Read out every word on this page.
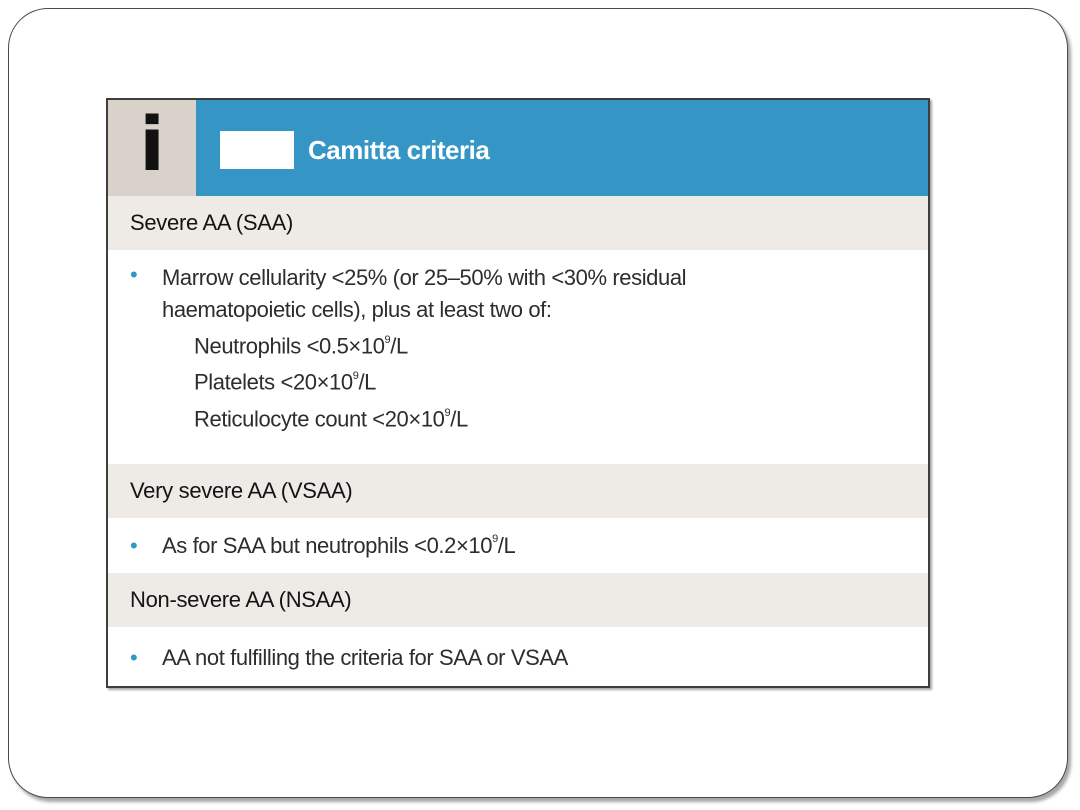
i	Camitta criteria
Severe AA (SAA)
•	Marrow cellularity <25% (or 25–50% with <30% residual
haematopoietic cells), plus at least two of:
Neutrophils $<0.5\times 10^9/L$
Platelets $<20\times 10^9/L$
Reticulocyte count $<20\times 10^9/L$
Very severe AA (VSAA)
•	As for SAA but neutrophils $<0.2\times 10^9/L$
Non-severe AA (NSAA)
•	AA not fulfilling the criteria for SAA or VSAA
